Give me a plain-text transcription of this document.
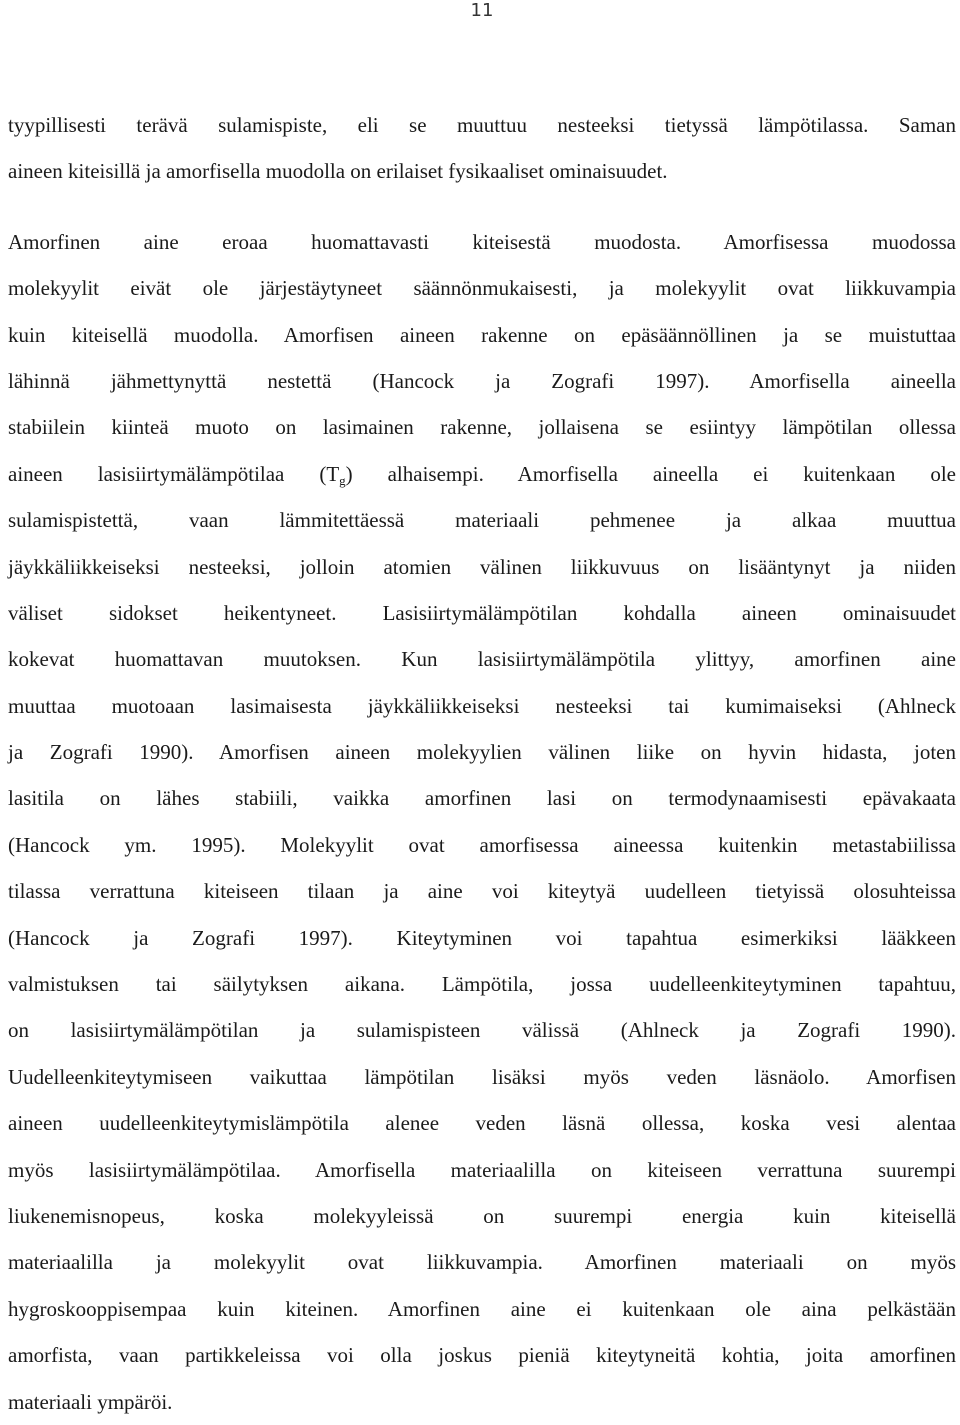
11
tyypillisesti terävä sulamispiste, eli se muuttuu nesteeksi tietyssä lämpötilassa. Saman
aineen kiteisillä ja amorfisella muodolla on erilaiset fysikaaliset ominaisuudet.
Amorfinen aine eroaa huomattavasti kiteisestä muodosta. Amorfisessa muodossa
molekyylit eivät ole järjestäytyneet säännönmukaisesti, ja molekyylit ovat liikkuvampia
kuin kiteisellä muodolla. Amorfisen aineen rakenne on epäsäännöllinen ja se muistuttaa
lähinnä jähmettynyttä nestettä (Hancock ja Zografi 1997). Amorfisella aineella
stabiilein kiinteä muoto on lasimainen rakenne, jollaisena se esiintyy lämpötilan ollessa
aineen lasisiirtymälämpötilaa $(T_g)$ alhaisempi. Amorfisella aineella ei kuitenkaan ole
sulamispistettä, vaan lämmitettäessä materiaali pehmenee ja alkaa muuttua
jäykkäliikkeiseksi nesteeksi, jolloin atomien välinen liikkuvuus on lisääntynyt ja niiden
väliset sidokset heikentyneet. Lasisiirtymälämpötilan kohdalla aineen ominaisuudet
kokevat huomattavan muutoksen. Kun lasisiirtymälämpötila ylittyy, amorfinen aine
muuttaa muotoaan lasimaisesta jäykkäliikkeiseksi nesteeksi tai kumimaiseksi (Ahlneck
ja Zografi 1990). Amorfisen aineen molekyylien välinen liike on hyvin hidasta, joten
lasitila on lähes stabiili, vaikka amorfinen lasi on termodynaamisesti epävakaata
(Hancock ym. 1995). Molekyylit ovat amorfisessa aineessa kuitenkin metastabiilissa
tilassa verrattuna kiteiseen tilaan ja aine voi kiteytyä uudelleen tietyissä olosuhteissa
(Hancock ja Zografi 1997). Kiteytyminen voi tapahtua esimerkiksi lääkkeen
valmistuksen tai säilytyksen aikana. Lämpötila, jossa uudelleenkiteytyminen tapahtuu,
on lasisiirtymälämpötilan ja sulamispisteen välissä (Ahlneck ja Zografi 1990).
Uudelleenkiteytymiseen vaikuttaa lämpötilan lisäksi myös veden läsnäolo. Amorfisen
aineen uudelleenkiteytymislämpötila alenee veden läsnä ollessa, koska vesi alentaa
myös lasisiirtymälämpötilaa. Amorfisella materiaalilla on kiteiseen verrattuna suurempi
liukenemisnopeus, koska molekyyleissä on suurempi energia kuin kiteisellä
materiaalilla ja molekyylit ovat liikkuvampia. Amorfinen materiaali on myös
hygroskooppisempaa kuin kiteinen. Amorfinen aine ei kuitenkaan ole aina pelkästään
amorfista, vaan partikkeleissa voi olla joskus pieniä kiteytyneitä kohtia, joita amorfinen
materiaali ympäröi.
